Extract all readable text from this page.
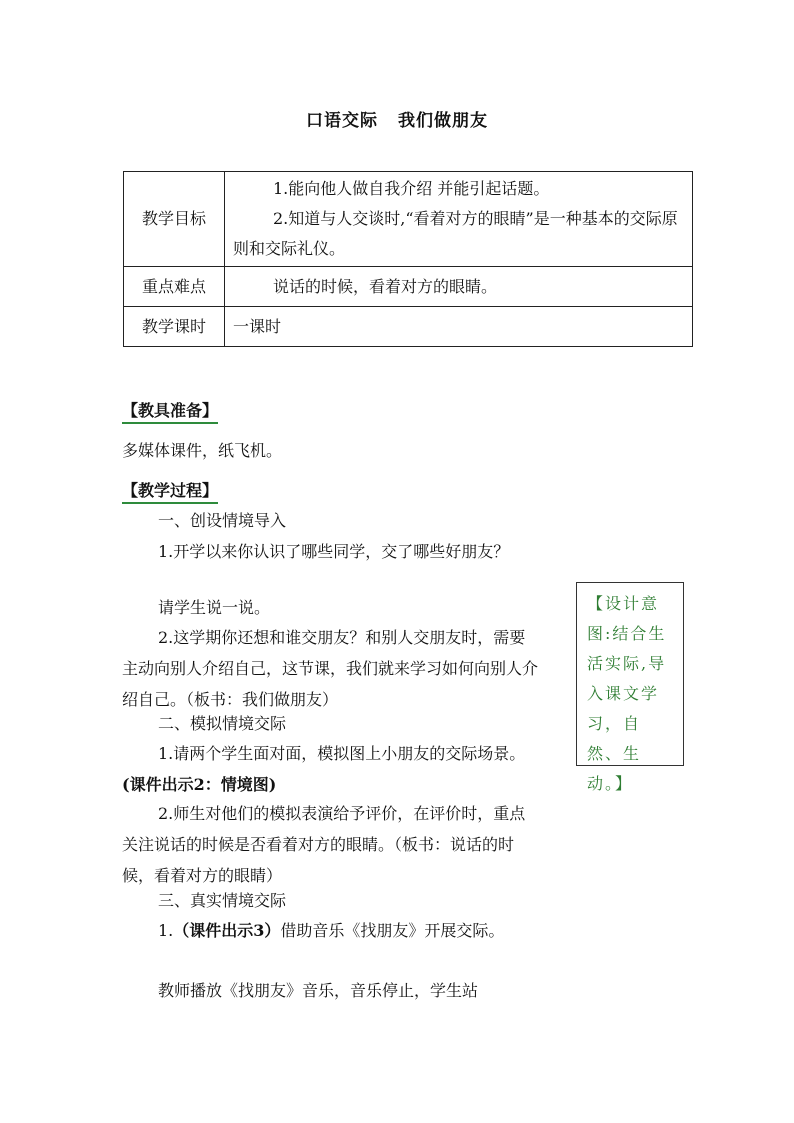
口语交际 我们做朋友
教学目标	1.能向他人做自我介绍 并能引起话题。
2.知道与人交谈时,“看着对方的眼睛”是一种基本的交际原则和交际礼仪。

重点难点	说话的时候，看着对方的眼睛。
教学课时	一课时
【教具准备】
多媒体课件，纸飞机。
【教学过程】
一、创设情境导入
1.开学以来你认识了哪些同学，交了哪些好朋友？
请学生说一说。
2.这学期你还想和谁交朋友？和别人交朋友时，需要主动向别人介绍自己，这节课，我们就来学习如何向别人介绍自己。（板书：我们做朋友）
二、模拟情境交际
1.请两个学生面对面，模拟图上小朋友的交际场景。(课件出示2：情境图)
2.师生对他们的模拟表演给予评价，在评价时，重点关注说话的时候是否看着对方的眼睛。（板书：说话的时候，看着对方的眼睛）
三、真实情境交际
1.（课件出示3）借助音乐《找朋友》开展交际。
教师播放《找朋友》音乐，音乐停止，学生站
【设计意图:结合生活实际,导入课文学习，自然、生动。】
